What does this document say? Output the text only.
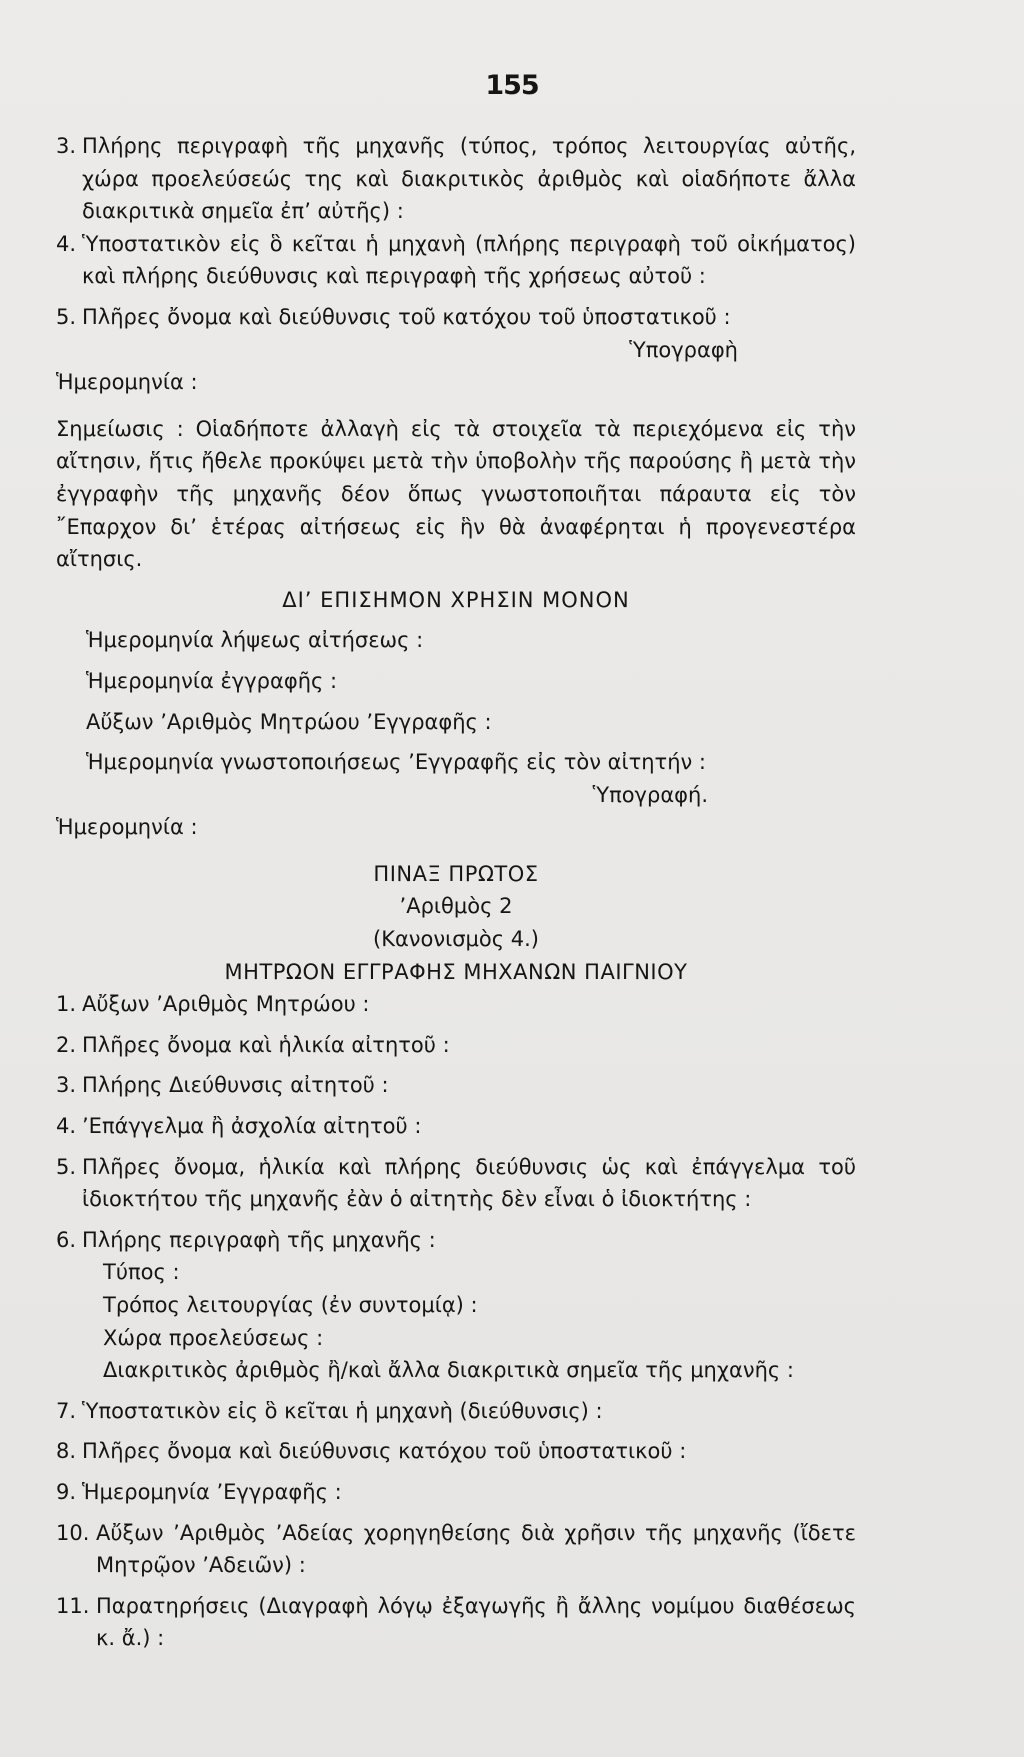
155
3. Πλήρης περιγραφὴ τῆς μηχανῆς (τύπος, τρόπος λειτουργίας αὐτῆς, χώρα προελεύσεώς της καὶ διακριτικὸς ἀριθμὸς καὶ οἱαδήποτε ἄλλα διακριτικὰ σημεῖα ἐπ’ αὐτῆς) :
4. Ὑποστατικὸν εἰς ὃ κεῖται ἡ μηχανὴ (πλήρης περιγραφὴ τοῦ οἰκήματος) καὶ πλήρης διεύθυνσις καὶ περιγραφὴ τῆς χρήσεως αὐτοῦ :
5. Πλῆρες ὄνομα καὶ διεύθυνσις τοῦ κατόχου τοῦ ὑποστατικοῦ :

Ὑπογραφὴ

Ἡμερομηνία :

Σημείωσις : Οἱαδήποτε ἀλλαγὴ εἰς τὰ στοιχεῖα τὰ περιεχόμενα εἰς τὴν αἴτησιν, ἥτις ἤθελε προκύψει μετὰ τὴν ὑποβολὴν τῆς παρούσης ἢ μετὰ τὴν ἐγγραφὴν τῆς μηχανῆς δέον ὅπως γνωστοποιῆται πάραυτα εἰς τὸν ῎Επαρχον δι’ ἑτέρας αἰτήσεως εἰς ἣν θὰ ἀναφέρηται ἡ προγενεστέρα αἴτησις.

ΔΙ’ ΕΠΙΣΗΜΟΝ ΧΡΗΣΙΝ ΜΟΝΟΝ

Ἡμερομηνία λήψεως αἰτήσεως :

Ἡμερομηνία ἐγγραφῆς :

Αὔξων ’Αριθμὸς Μητρώου ’Εγγραφῆς :

Ἡμερομηνία γνωστοποιήσεως ’Εγγραφῆς εἰς τὸν αἰτητήν :

Ὑπογραφή.

Ἡμερομηνία :

ΠΙΝΑΞ ΠΡΩΤΟΣ

’Αριθμὸς 2

(Κανονισμὸς 4.)

ΜΗΤΡΩΟΝ ΕΓΓΡΑΦΗΣ ΜΗΧΑΝΩΝ ΠΑΙΓΝΙΟΥ

1. Αὔξων ’Αριθμὸς Μητρώου :
2. Πλῆρες ὄνομα καὶ ἡλικία αἰτητοῦ :
3. Πλήρης Διεύθυνσις αἰτητοῦ :
4. ’Επάγγελμα ἢ ἀσχολία αἰτητοῦ :
5. Πλῆρες ὄνομα, ἡλικία καὶ πλήρης διεύθυνσις ὡς καὶ ἐπάγγελμα τοῦ ἰδιοκτήτου τῆς μηχανῆς ἐὰν ὁ αἰτητὴς δὲν εἶναι ὁ ἰδιοκτήτης :
6. Πλήρης περιγραφὴ τῆς μηχανῆς :

Τύπος :

Τρόπος λειτουργίας (ἐν συντομίᾳ) :

Χώρα προελεύσεως :

Διακριτικὸς ἀριθμὸς ἢ/καὶ ἄλλα διακριτικὰ σημεῖα τῆς μηχανῆς :

7. Ὑποστατικὸν εἰς ὃ κεῖται ἡ μηχανὴ (διεύθυνσις) :
8. Πλῆρες ὄνομα καὶ διεύθυνσις κατόχου τοῦ ὑποστατικοῦ :
9. Ἡμερομηνία ’Εγγραφῆς :
10. Αὔξων ’Αριθμὸς ’Αδείας χορηγηθείσης διὰ χρῆσιν τῆς μηχανῆς (ἴδετε Μητρῷον ’Αδειῶν) :
11. Παρατηρήσεις (Διαγραφὴ λόγῳ ἐξαγωγῆς ἢ ἄλλης νομίμου διαθέσεως κ. ἄ.) :
